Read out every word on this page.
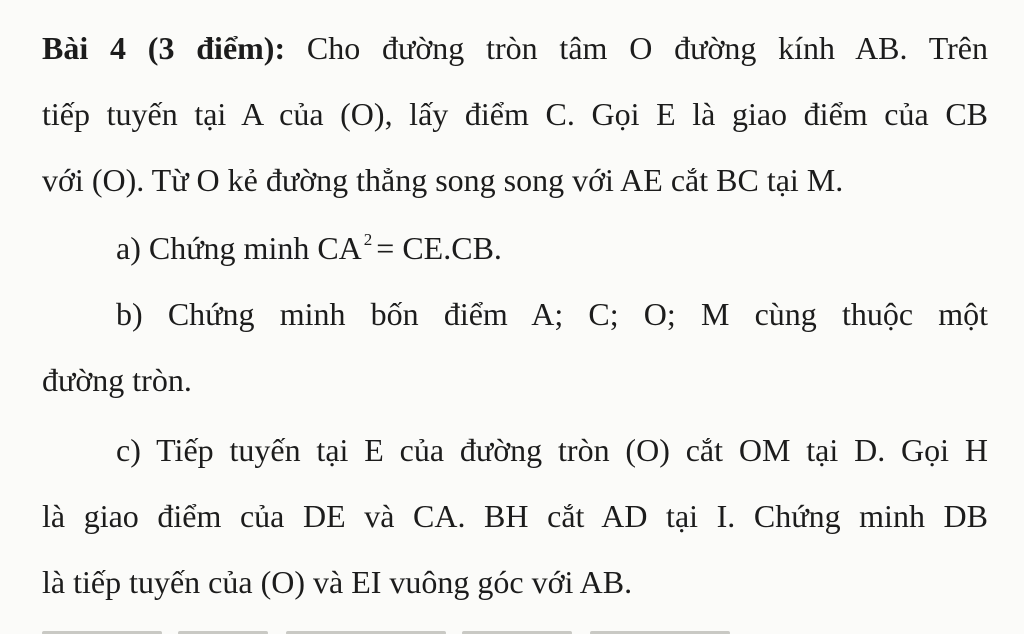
Bài 4 (3 điểm): Cho đường tròn tâm O đường kính AB. Trên
tiếp tuyến tại A của (O), lấy điểm C. Gọi E là giao điểm của CB
với (O). Từ O kẻ đường thẳng song song với AE cắt BC tại M.
a) Chứng minh CA $^2$ = CE.CB.
b) Chứng minh bốn điểm A; C; O; M cùng thuộc một
đường tròn.
c) Tiếp tuyến tại E của đường tròn (O) cắt OM tại D. Gọi H
là giao điểm của DE và CA. BH cắt AD tại I. Chứng minh DB
là tiếp tuyến của (O) và EI vuông góc với AB.
